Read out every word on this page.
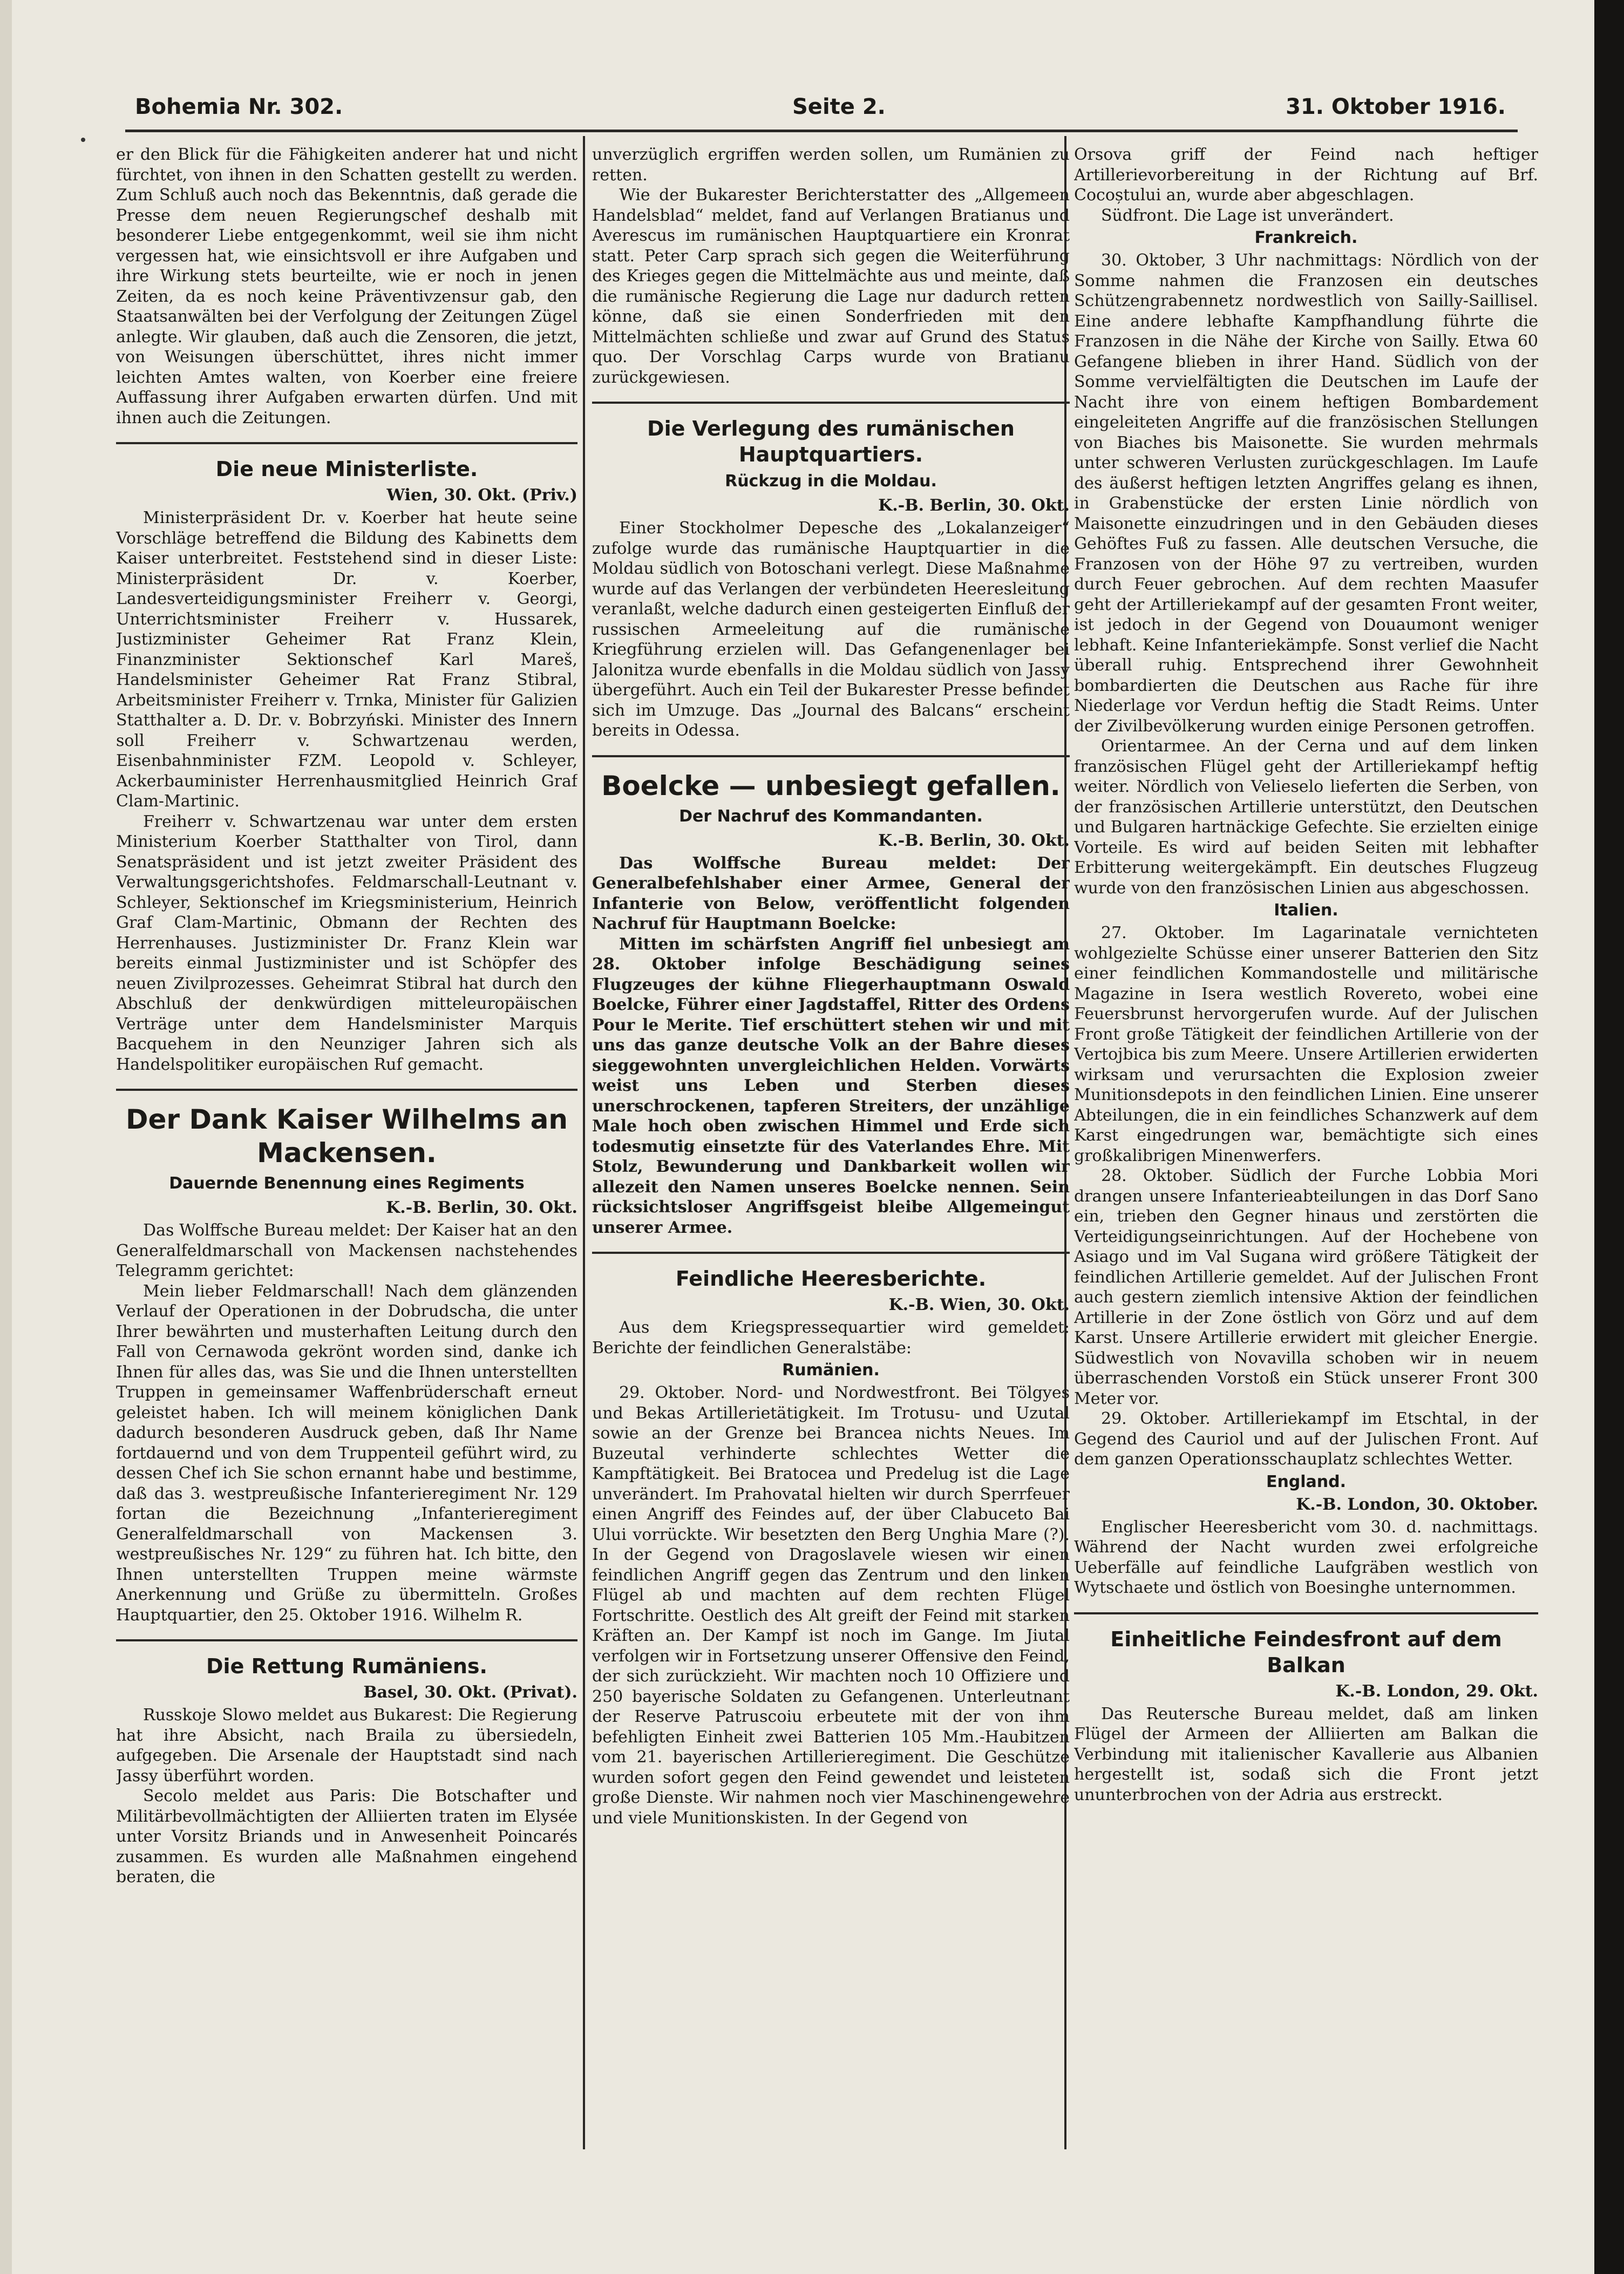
Bohemia Nr. 302.	Seite 2.	31. Oktober 1916.

er den Blick für die Fähigkeiten anderer hat und nicht fürchtet, von ihnen in den Schatten gestellt zu werden. Zum Schluß auch noch das Bekenntnis, daß gerade die Presse dem neuen Regierungschef deshalb mit besonderer Liebe entgegenkommt, weil sie ihm nicht vergessen hat, wie einsichtsvoll er ihre Aufgaben und ihre Wirkung stets beurteilte, wie er noch in jenen Zeiten, da es noch keine Präventivzensur gab, den Staatsanwälten bei der Verfolgung der Zeitungen Zügel anlegte. Wir glauben, daß auch die Zensoren, die jetzt, von Weisungen überschüttet, ihres nicht immer leichten Amtes walten, von Koerber eine freiere Auffassung ihrer Aufgaben erwarten dürfen. Und mit ihnen auch die Zeitungen.

Die neue Ministerliste.
Wien, 30. Okt. (Priv.)

Ministerpräsident Dr. v. Koerber hat heute seine Vorschläge betreffend die Bildung des Kabinetts dem Kaiser unterbreitet. Feststehend sind in dieser Liste: Ministerpräsident Dr. v. Koerber, Landesverteidigungsminister Freiherr v. Georgi, Unterrichtsminister Freiherr v. Hussarek, Justizminister Geheimer Rat Franz Klein, Finanzminister Sektionschef Karl Mareš, Handelsminister Geheimer Rat Franz Stibral, Arbeitsminister Freiherr v. Trnka, Minister für Galizien Statthalter a. D. Dr. v. Bobrzyński. Minister des Innern soll Freiherr v. Schwartzenau werden, Eisenbahnminister FZM. Leopold v. Schleyer, Ackerbauminister Herrenhausmitglied Heinrich Graf Clam-Martinic.

Freiherr v. Schwartzenau war unter dem ersten Ministerium Koerber Statthalter von Tirol, dann Senatspräsident und ist jetzt zweiter Präsident des Verwaltungsgerichtshofes. Feldmarschall-Leutnant v. Schleyer, Sektionschef im Kriegsministerium, Heinrich Graf Clam-Martinic, Obmann der Rechten des Herrenhauses. Justizminister Dr. Franz Klein war bereits einmal Justizminister und ist Schöpfer des neuen Zivilprozesses. Geheimrat Stibral hat durch den Abschluß der denkwürdigen mitteleuropäischen Verträge unter dem Handelsminister Marquis Bacquehem in den Neunziger Jahren sich als Handelspolitiker europäischen Ruf gemacht.

Der Dank Kaiser Wilhelms an Mackensen.
Dauernde Benennung eines Regiments
K.-B. Berlin, 30. Okt.

Das Wolffsche Bureau meldet: Der Kaiser hat an den Generalfeldmarschall von Mackensen nachstehendes Telegramm gerichtet:

Mein lieber Feldmarschall! Nach dem glänzenden Verlauf der Operationen in der Dobrudscha, die unter Ihrer bewährten und musterhaften Leitung durch den Fall von Cernawoda gekrönt worden sind, danke ich Ihnen für alles das, was Sie und die Ihnen unterstellten Truppen in gemeinsamer Waffenbrüderschaft erneut geleistet haben. Ich will meinem königlichen Dank dadurch besonderen Ausdruck geben, daß Ihr Name fortdauernd und von dem Truppenteil geführt wird, zu dessen Chef ich Sie schon ernannt habe und bestimme, daß das 3. westpreußische Infanterieregiment Nr. 129 fortan die Bezeichnung „Infanterieregiment Generalfeldmarschall von Mackensen 3. westpreußisches Nr. 129“ zu führen hat. Ich bitte, den Ihnen unterstellten Truppen meine wärmste Anerkennung und Grüße zu übermitteln. Großes Hauptquartier, den 25. Oktober 1916. Wilhelm R.

Die Rettung Rumäniens.
Basel, 30. Okt. (Privat).

Russkoje Slowo meldet aus Bukarest: Die Regierung hat ihre Absicht, nach Braila zu übersiedeln, aufgegeben. Die Arsenale der Hauptstadt sind nach Jassy überführt worden.

Secolo meldet aus Paris: Die Botschafter und Militärbevollmächtigten der Alliierten traten im Elysée unter Vorsitz Briands und in Anwesenheit Poincarés zusammen. Es wurden alle Maßnahmen eingehend beraten, die

unverzüglich ergriffen werden sollen, um Rumänien zu retten.

Wie der Bukarester Berichterstatter des „Allgemeen Handelsblad“ meldet, fand auf Verlangen Bratianus und Averescus im rumänischen Hauptquartiere ein Kronrat statt. Peter Carp sprach sich gegen die Weiterführung des Krieges gegen die Mittelmächte aus und meinte, daß die rumänische Regierung die Lage nur dadurch retten könne, daß sie einen Sonderfrieden mit den Mittelmächten schließe und zwar auf Grund des Status quo. Der Vorschlag Carps wurde von Bratianu zurückgewiesen.

Die Verlegung des rumänischen Hauptquartiers.
Rückzug in die Moldau.
K.-B. Berlin, 30. Okt.

Einer Stockholmer Depesche des „Lokalanzeiger“ zufolge wurde das rumänische Hauptquartier in die Moldau südlich von Botoschani verlegt. Diese Maßnahme wurde auf das Verlangen der verbündeten Heeresleitung veranlaßt, welche dadurch einen gesteigerten Einfluß der russischen Armeeleitung auf die rumänische Kriegführung erzielen will. Das Gefangenenlager bei Jalonitza wurde ebenfalls in die Moldau südlich von Jassy übergeführt. Auch ein Teil der Bukarester Presse befindet sich im Umzuge. Das „Journal des Balcans“ erscheint bereits in Odessa.

Boelcke — unbesiegt gefallen.
Der Nachruf des Kommandanten.
K.-B. Berlin, 30. Okt.

Das Wolffsche Bureau meldet: Der Generalbefehlshaber einer Armee, General der Infanterie von Below, veröffentlicht folgenden Nachruf für Hauptmann Boelcke:

Mitten im schärfsten Angriff fiel unbesiegt am 28. Oktober infolge Beschädigung seines Flugzeuges der kühne Fliegerhauptmann Oswald Boelcke, Führer einer Jagdstaffel, Ritter des Ordens Pour le Merite. Tief erschüttert stehen wir und mit uns das ganze deutsche Volk an der Bahre dieses sieggewohnten unvergleichlichen Helden. Vorwärts weist uns Leben und Sterben dieses unerschrockenen, tapferen Streiters, der unzählige Male hoch oben zwischen Himmel und Erde sich todesmutig einsetzte für des Vaterlandes Ehre. Mit Stolz, Bewunderung und Dankbarkeit wollen wir allezeit den Namen unseres Boelcke nennen. Sein rücksichtsloser Angriffsgeist bleibe Allgemeingut unserer Armee.

Feindliche Heeresberichte.
K.-B. Wien, 30. Okt.

Aus dem Kriegspressequartier wird gemeldet: Berichte der feindlichen Generalstäbe:

Rumänien.

29. Oktober. Nord- und Nordwestfront. Bei Tölgyes und Bekas Artillerietätigkeit. Im Trotusu- und Uzutal sowie an der Grenze bei Brancea nichts Neues. Im Buzeutal verhinderte schlechtes Wetter die Kampftätigkeit. Bei Bratocea und Predelug ist die Lage unverändert. Im Prahovatal hielten wir durch Sperrfeuer einen Angriff des Feindes auf, der über Clabuceto Bai Ului vorrückte. Wir besetzten den Berg Unghia Mare (?). In der Gegend von Dragoslavele wiesen wir einen feindlichen Angriff gegen das Zentrum und den linken Flügel ab und machten auf dem rechten Flügel Fortschritte. Oestlich des Alt greift der Feind mit starken Kräften an. Der Kampf ist noch im Gange. Im Jiutal verfolgen wir in Fortsetzung unserer Offensive den Feind, der sich zurückzieht. Wir machten noch 10 Offiziere und 250 bayerische Soldaten zu Gefangenen. Unterleutnant der Reserve Patruscoiu erbeutete mit der von ihm befehligten Einheit zwei Batterien 105 Mm.-Haubitzen vom 21. bayerischen Artillerieregiment. Die Geschütze wurden sofort gegen den Feind gewendet und leisteten große Dienste. Wir nahmen noch vier Maschinengewehre und viele Munitionskisten. In der Gegend von

Orsova griff der Feind nach heftiger Artillerievorbereitung in der Richtung auf Brf. Cocoștului an, wurde aber abgeschlagen.

Südfront. Die Lage ist unverändert.

Frankreich.

30. Oktober, 3 Uhr nachmittags: Nördlich von der Somme nahmen die Franzosen ein deutsches Schützengrabennetz nordwestlich von Sailly-Saillisel. Eine andere lebhafte Kampfhandlung führte die Franzosen in die Nähe der Kirche von Sailly. Etwa 60 Gefangene blieben in ihrer Hand. Südlich von der Somme vervielfältigten die Deutschen im Laufe der Nacht ihre von einem heftigen Bombardement eingeleiteten Angriffe auf die französischen Stellungen von Biaches bis Maisonette. Sie wurden mehrmals unter schweren Verlusten zurückgeschlagen. Im Laufe des äußerst heftigen letzten Angriffes gelang es ihnen, in Grabenstücke der ersten Linie nördlich von Maisonette einzudringen und in den Gebäuden dieses Gehöftes Fuß zu fassen. Alle deutschen Versuche, die Franzosen von der Höhe 97 zu vertreiben, wurden durch Feuer gebrochen. Auf dem rechten Maasufer geht der Artilleriekampf auf der gesamten Front weiter, ist jedoch in der Gegend von Douaumont weniger lebhaft. Keine Infanteriekämpfe. Sonst verlief die Nacht überall ruhig. Entsprechend ihrer Gewohnheit bombardierten die Deutschen aus Rache für ihre Niederlage vor Verdun heftig die Stadt Reims. Unter der Zivilbevölkerung wurden einige Personen getroffen.

Orientarmee. An der Cerna und auf dem linken französischen Flügel geht der Artilleriekampf heftig weiter. Nördlich von Velieselo lieferten die Serben, von der französischen Artillerie unterstützt, den Deutschen und Bulgaren hartnäckige Gefechte. Sie erzielten einige Vorteile. Es wird auf beiden Seiten mit lebhafter Erbitterung weitergekämpft. Ein deutsches Flugzeug wurde von den französischen Linien aus abgeschossen.

Italien.

27. Oktober. Im Lagarinatale vernichteten wohlgezielte Schüsse einer unserer Batterien den Sitz einer feindlichen Kommandostelle und militärische Magazine in Isera westlich Rovereto, wobei eine Feuersbrunst hervorgerufen wurde. Auf der Julischen Front große Tätigkeit der feindlichen Artillerie von der Vertojbica bis zum Meere. Unsere Artillerien erwiderten wirksam und verursachten die Explosion zweier Munitionsdepots in den feindlichen Linien. Eine unserer Abteilungen, die in ein feindliches Schanzwerk auf dem Karst eingedrungen war, bemächtigte sich eines großkalibrigen Minenwerfers.

28. Oktober. Südlich der Furche Lobbia Mori drangen unsere Infanterieabteilungen in das Dorf Sano ein, trieben den Gegner hinaus und zerstörten die Verteidigungseinrichtungen. Auf der Hochebene von Asiago und im Val Sugana wird größere Tätigkeit der feindlichen Artillerie gemeldet. Auf der Julischen Front auch gestern ziemlich intensive Aktion der feindlichen Artillerie in der Zone östlich von Görz und auf dem Karst. Unsere Artillerie erwidert mit gleicher Energie. Südwestlich von Novavilla schoben wir in neuem überraschenden Vorstoß ein Stück unserer Front 300 Meter vor.

29. Oktober. Artilleriekampf im Etschtal, in der Gegend des Cauriol und auf der Julischen Front. Auf dem ganzen Operationsschauplatz schlechtes Wetter.

England.
K.-B. London, 30. Oktober.

Englischer Heeresbericht vom 30. d. nachmittags. Während der Nacht wurden zwei erfolgreiche Ueberfälle auf feindliche Laufgräben westlich von Wytschaete und östlich von Boesinghe unternommen.

Einheitliche Feindesfront auf dem Balkan
K.-B. London, 29. Okt.

Das Reutersche Bureau meldet, daß am linken Flügel der Armeen der Alliierten am Balkan die Verbindung mit italienischer Kavallerie aus Albanien hergestellt ist, sodaß sich die Front jetzt ununterbrochen von der Adria aus erstreckt.
